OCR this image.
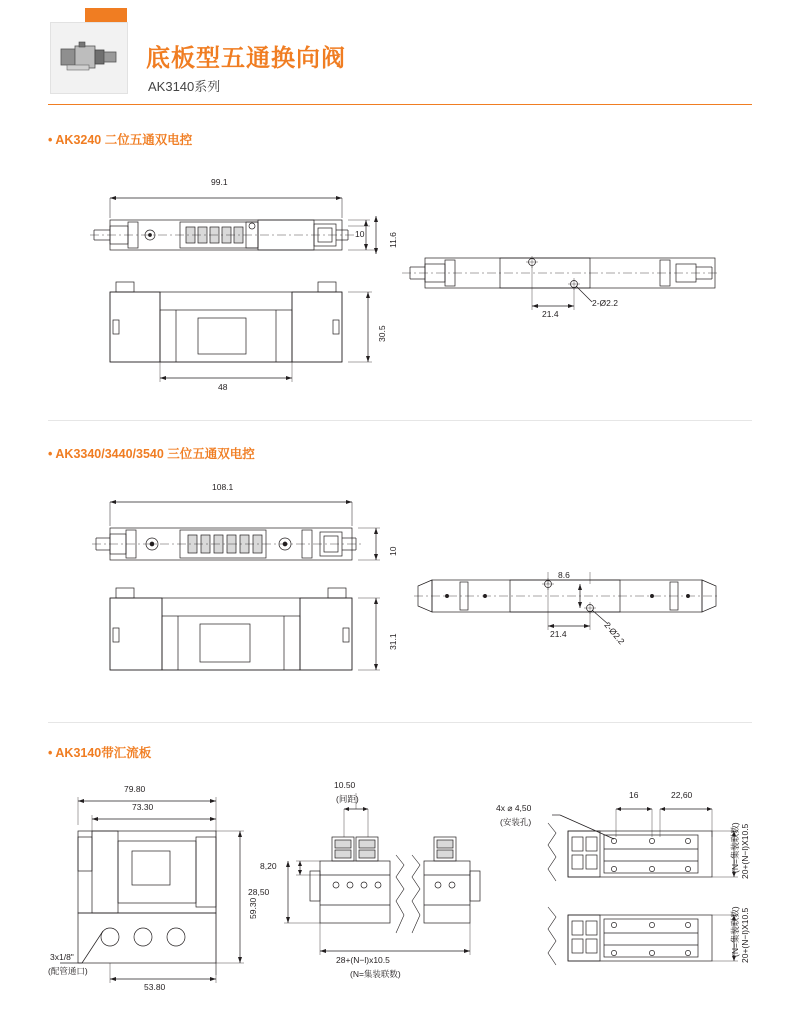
底板型五通换向阀
AK3140系列
• AK3240 二位五通双电控
99.1
10	11.6
30.5
48
21.4
2-Ø2.2
• AK3340/3440/3540 三位五通双电控
108.1
10
31.1
8.6
21.4	2-Ø2.2
• AK3140带汇流板
79.80
73.30
59.30
53.80
3x1/8"
(配管通口)
10.50
(间距)
8,20
28,50
28+(N−l)x10.5
(N=集装联数)
4x ⌀ 4,50
(安装孔)
16	22,60
20+(N−l)X10.5
(N=集装联数)
20+(N−l)X10.5
(N=集装联数)
